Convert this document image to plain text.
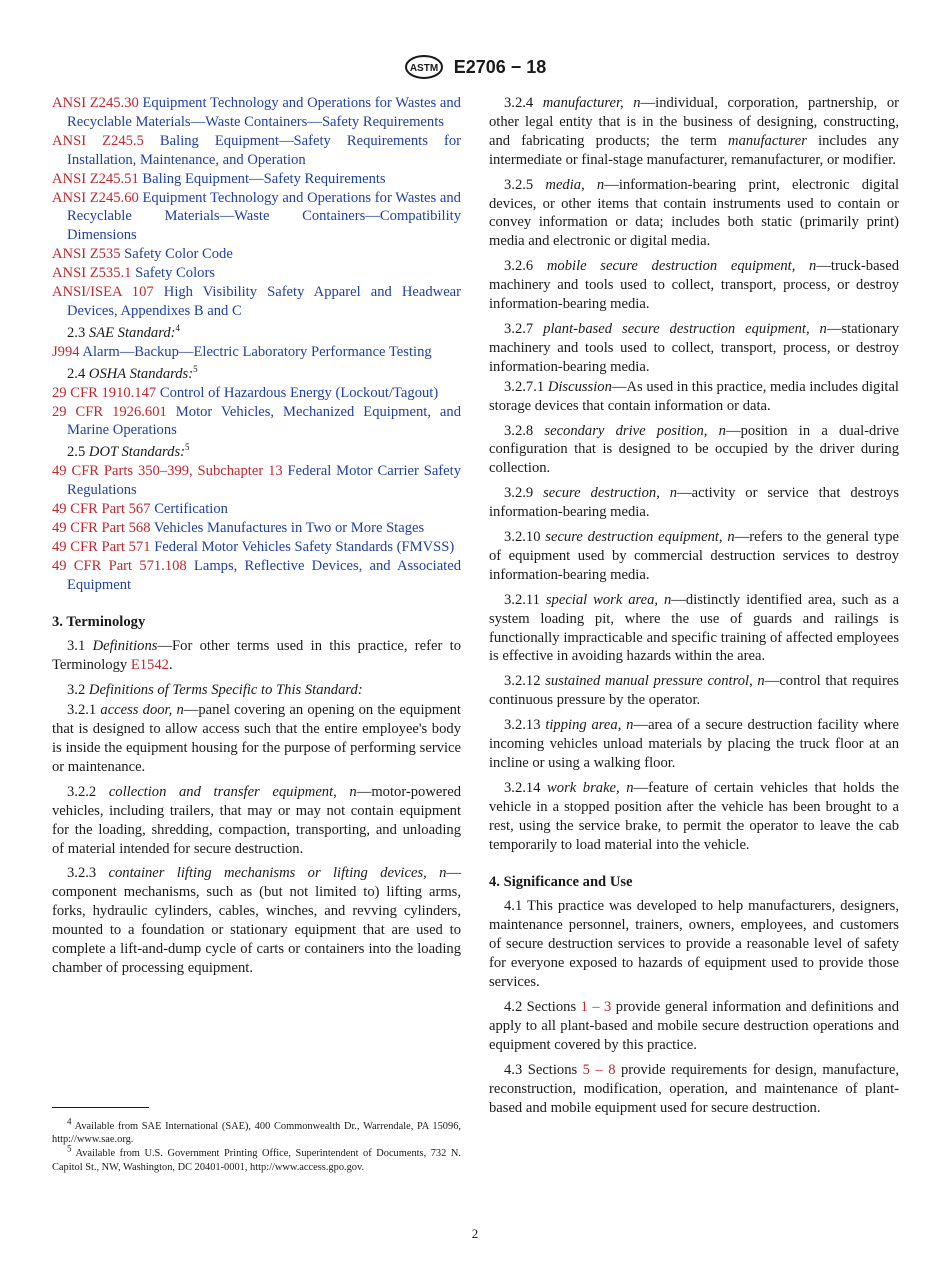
ASTM E2706 − 18

ANSI Z245.30 Equipment Technology and Operations for Wastes and Recyclable Materials—Waste Containers—Safety Requirements

ANSI Z245.5 Baling Equipment—Safety Requirements for Installation, Maintenance, and Operation

ANSI Z245.51 Baling Equipment—Safety Requirements

ANSI Z245.60 Equipment Technology and Operations for Wastes and Recyclable Materials—Waste Containers—Compatibility Dimensions

ANSI Z535 Safety Color Code

ANSI Z535.1 Safety Colors

ANSI/ISEA 107 High Visibility Safety Apparel and Headwear Devices, Appendixes B and C

2.3 SAE Standard:$^4$

J994 Alarm—Backup—Electric Laboratory Performance Testing

2.4 OSHA Standards:$^5$

29 CFR 1910.147 Control of Hazardous Energy (Lockout/Tagout)

29 CFR 1926.601 Motor Vehicles, Mechanized Equipment, and Marine Operations

2.5 DOT Standards:$^5$

49 CFR Parts 350–399, Subchapter 13 Federal Motor Carrier Safety Regulations

49 CFR Part 567 Certification

49 CFR Part 568 Vehicles Manufactures in Two or More Stages

49 CFR Part 571 Federal Motor Vehicles Safety Standards (FMVSS)

49 CFR Part 571.108 Lamps, Reflective Devices, and Associated Equipment

3. Terminology

3.1 Definitions—For other terms used in this practice, refer to Terminology E1542.

3.2 Definitions of Terms Specific to This Standard:

3.2.1 access door, n—panel covering an opening on the equipment that is designed to allow access such that the entire employee's body is inside the equipment housing for the purpose of performing service or maintenance.

3.2.2 collection and transfer equipment, n—motor-powered vehicles, including trailers, that may or may not contain equipment for the loading, shredding, compaction, transporting, and unloading of material intended for secure destruction.

3.2.3 container lifting mechanisms or lifting devices, n—component mechanisms, such as (but not limited to) lifting arms, forks, hydraulic cylinders, cables, winches, and revving cylinders, mounted to a foundation or stationary equipment that are used to complete a lift-and-dump cycle of carts or containers into the loading chamber of processing equipment.

3.2.4 manufacturer, n—individual, corporation, partnership, or other legal entity that is in the business of designing, constructing, and fabricating products; the term manufacturer includes any intermediate or final-stage manufacturer, remanufacturer, or modifier.

3.2.5 media, n—information-bearing print, electronic digital devices, or other items that contain instruments used to contain or convey information or data; includes both static (primarily print) media and electronic or digital media.

3.2.6 mobile secure destruction equipment, n—truck-based machinery and tools used to collect, transport, process, or destroy information-bearing media.

3.2.7 plant-based secure destruction equipment, n—stationary machinery and tools used to collect, transport, process, or destroy information-bearing media.

3.2.7.1 Discussion—As used in this practice, media includes digital storage devices that contain information or data.

3.2.8 secondary drive position, n—position in a dual-drive configuration that is designed to be occupied by the driver during collection.

3.2.9 secure destruction, n—activity or service that destroys information-bearing media.

3.2.10 secure destruction equipment, n—refers to the general type of equipment used by commercial destruction services to destroy information-bearing media.

3.2.11 special work area, n—distinctly identified area, such as a system loading pit, where the use of guards and railings is functionally impracticable and specific training of affected employees is effective in avoiding hazards within the area.

3.2.12 sustained manual pressure control, n—control that requires continuous pressure by the operator.

3.2.13 tipping area, n—area of a secure destruction facility where incoming vehicles unload materials by placing the truck floor at an incline or using a walking floor.

3.2.14 work brake, n—feature of certain vehicles that holds the vehicle in a stopped position after the vehicle has been brought to a rest, using the service brake, to permit the operator to leave the cab temporarily to load material into the vehicle.

4. Significance and Use

4.1 This practice was developed to help manufacturers, designers, maintenance personnel, trainers, owners, employees, and customers of secure destruction services to provide a reasonable level of safety for everyone exposed to hazards of equipment used to provide those services.

4.2 Sections 1 – 3 provide general information and definitions and apply to all plant-based and mobile secure destruction operations and equipment covered by this practice.

4.3 Sections 5 – 8 provide requirements for design, manufacture, reconstruction, modification, operation, and maintenance of plant-based and mobile equipment used for secure destruction.

$^4$ Available from SAE International (SAE), 400 Commonwealth Dr., Warrendale, PA 15096, http://www.sae.org.

$^5$ Available from U.S. Government Printing Office, Superintendent of Documents, 732 N. Capitol St., NW, Washington, DC 20401-0001, http://www.access.gpo.gov.

2
